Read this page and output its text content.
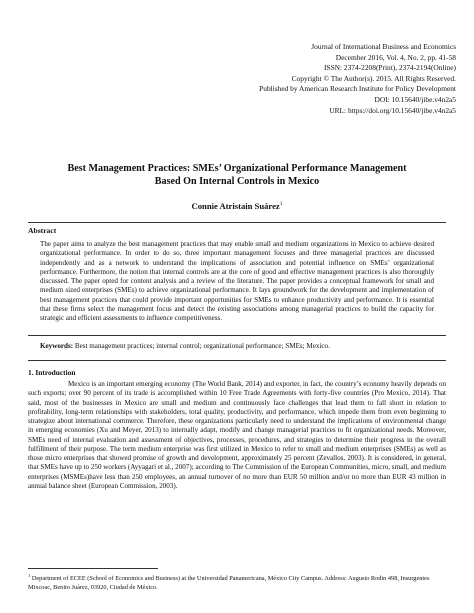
Journal of International Business and Economics
December 2016, Vol. 4, No. 2, pp. 41-58
ISSN: 2374-2208(Print), 2374-2194(Online)
Copyright © The Author(s). 2015. All Rights Reserved.
Published by American Research Institute for Policy Development
DOI: 10.15640/jibe.v4n2a5
URL: https://doi.org/10.15640/jibe.v4n2a5
Best Management Practices: SMEs’ Organizational Performance Management
Based On Internal Controls in Mexico
Connie Atristain Suárez$^1$
Abstract
The paper aims to analyze the best management practices that may enable small and medium organizations in Mexico to achieve desired organizational performance. In order to do so, three important management focuses and three managerial practices are discussed independently and as a network to understand the implications of association and potential influence on SMEs’ organizational performance. Furthermore, the notion that internal controls are at the core of good and effective management practices is also thoroughly discussed. The paper opted for content analysis and a review of the literature. The paper provides a conceptual framework for small and medium sized enterprises (SMEs) to achieve organizational performance. It lays groundwork for the development and implementation of best management practices that could provide important opportunities for SMEs to enhance productivity and performance. It is essential that these firms select the management focus and detect the existing associations among managerial practices to build the capacity for strategic and efficient assessments to influence competitiveness.
Keywords: Best management practices; internal control; organizational performance; SMEs; Mexico.
1. Introduction
Mexico is an important emerging economy (The World Bank, 2014) and exporter, in fact, the country’s economy heavily depends on such exports; over 90 percent of its trade is accomplished within 10 Free Trade Agreements with forty-five countries (Pro Mexico, 2014). That said, most of the businesses in Mexico are small and medium and continuously face challenges that lead them to fall short in relation to profitability, long-term relationships with stakeholders, total quality, productivity, and performance, which impede them from even beginning to strategize about international commerce. Therefore, these organizations particularly need to understand the implications of environmental change in emerging economies (Xu and Meyer, 2013) to internally adapt, modify and change managerial practices to fit organizational needs. Moreover, SMEs need of internal evaluation and assessment of objectives, processes, procedures, and strategies to determine their progress in the overall fulfillment of their purpose. The term medium enterprise was first utilized in Mexico to refer to small and medium enterprises (SMEs) as well as those micro enterprises that showed promise of growth and development, approximately 25 percent (Zevallos, 2003). It is considered, in general, that SMEs have up to 250 workers (Ayyagari et al., 2007); according to The Commission of the European Communities, micro, small, and medium enterprises (MSMEs)have less than 250 employees, an annual turnover of no more than EUR 50 million and/or no more than EUR 43 million in annual balance sheet (European Commission, 2003).
$^1$ Department of ECEE (School of Economics and Business) at the Universidad Panamericana, México City Campus. Address: Augusto Rodin 498, Insurgentes Mixcoac, Benito Juárez, 03920, Ciudad de México.
